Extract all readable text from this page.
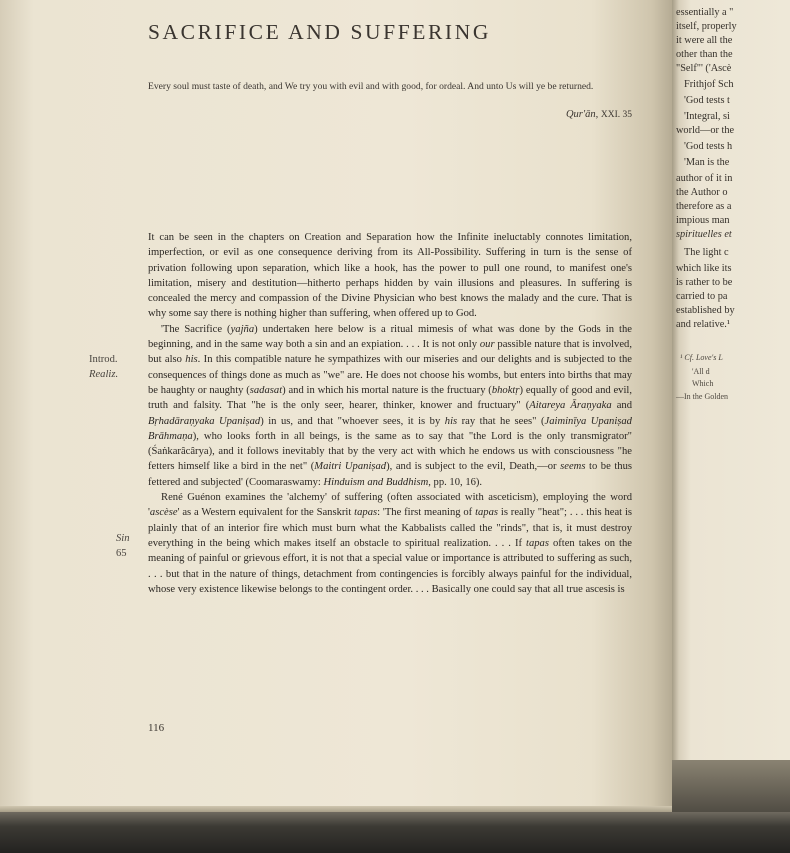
SACRIFICE AND SUFFERING
Every soul must taste of death, and We try you with evil and with good, for ordeal. And unto Us will ye be returned.
Qur'ān, XXI. 35
Introd.
Realiz.
Sin
65

It can be seen in the chapters on Creation and Separation how the Infinite ineluctably connotes limitation, imperfection, or evil as one consequence deriving from its All-Possibility. Suffering in turn is the sense of privation following upon separation, which like a hook, has the power to pull one round, to manifest one's limitation, misery and destitution—hitherto perhaps hidden by vain illusions and pleasures. In suffering is concealed the mercy and compassion of the Divine Physician who best knows the malady and the cure. That is why some say there is nothing higher than suffering, when offered up to God.

'The Sacrifice (yajña) undertaken here below is a ritual mimesis of what was done by the Gods in the beginning, and in the same way both a sin and an expiation. . . . It is not only our passible nature that is involved, but also his. In this compatible nature he sympathizes with our miseries and our delights and is subjected to the consequences of things done as much as "we" are. He does not choose his wombs, but enters into births that may be haughty or naughty (sadasat) and in which his mortal nature is the fructuary (bhoktṛ) equally of good and evil, truth and falsity. That "he is the only seer, hearer, thinker, knower and fructuary" (Aitareya Āraṇyaka and Bṛhadāraṇyaka Upaniṣad) in us, and that "whoever sees, it is by his ray that he sees" (Jaiminīya Upaniṣad Brāhmaṇa), who looks forth in all beings, is the same as to say that "the Lord is the only transmigrator" (Śaṅkarâcârya), and it follows inevitably that by the very act with which he endows us with consciousness "he fetters himself like a bird in the net" (Maitri Upaniṣad), and is subject to the evil, Death,—or seems to be thus fettered and subjected' (Coomaraswamy: Hinduism and Buddhism, pp. 10, 16).

René Guénon examines the 'alchemy' of suffering (often associated with asceticism), employing the word 'ascèse' as a Western equivalent for the Sanskrit tapas: 'The first meaning of tapas is really "heat"; . . . this heat is plainly that of an interior fire which must burn what the Kabbalists called the "rinds", that is, it must destroy everything in the being which makes itself an obstacle to spiritual realization. . . . If tapas often takes on the meaning of painful or grievous effort, it is not that a special value or importance is attributed to suffering as such, . . . but that in the nature of things, detachment from contingencies is forcibly always painful for the individual, whose very existence likewise belongs to the contingent order. . . . Basically one could say that all true ascesis is

116
essentially a "
itself, properly
it were all the
other than the
"Self"' ('Ascè
Frithjof Sch
'God tests t
'Integral, si
world—or the
'God tests h
'Man is the
author of it in
the Author o
therefore as a
impious man
spirituelles et
The light c
which like its
is rather to be
carried to pa
established by
and relative.¹
¹ Cf. Love's L
'All d
Which
—In the Golden
